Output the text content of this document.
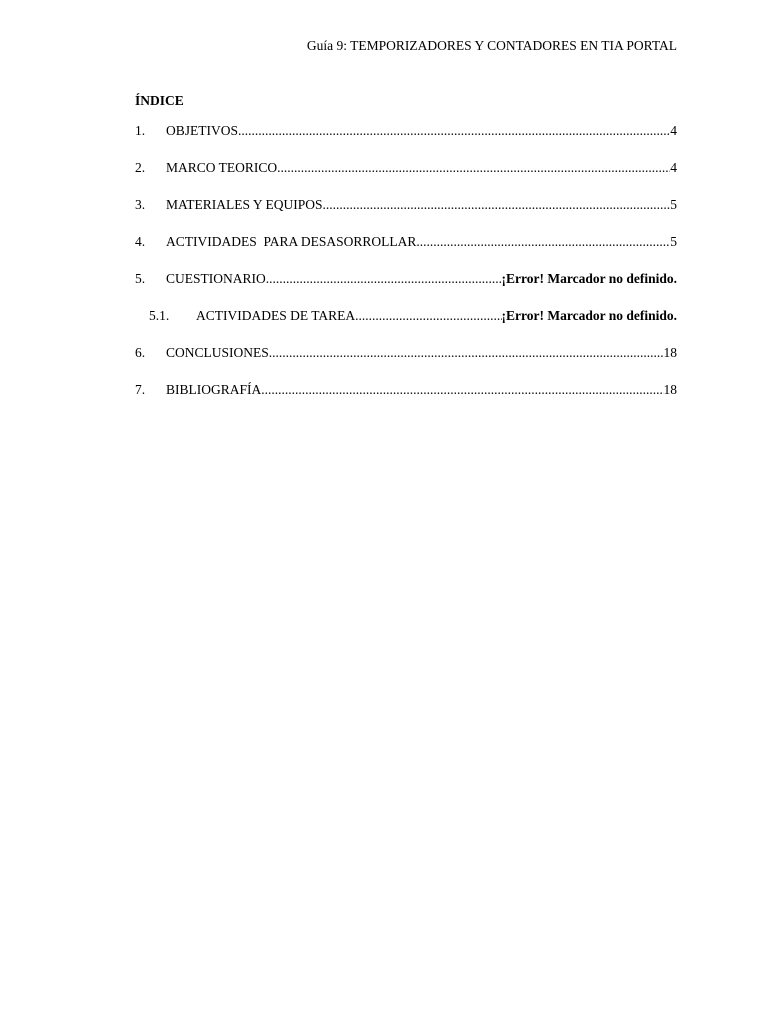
Guía 9: TEMPORIZADORES Y CONTADORES EN TIA PORTAL
ÍNDICE
1.	OBJETIVOS .....	4
2.	MARCO TEORICO .....	4
3.	MATERIALES Y EQUIPOS .....	5
4.	ACTIVIDADES  PARA DESASORROLLAR .....	5
5.	CUESTIONARIO .....	¡Error! Marcador no definido.
5.1.	ACTIVIDADES DE TAREA .....	¡Error! Marcador no definido.
6.	CONCLUSIONES .....	18
7.	BIBLIOGRAFÍA .....	18
